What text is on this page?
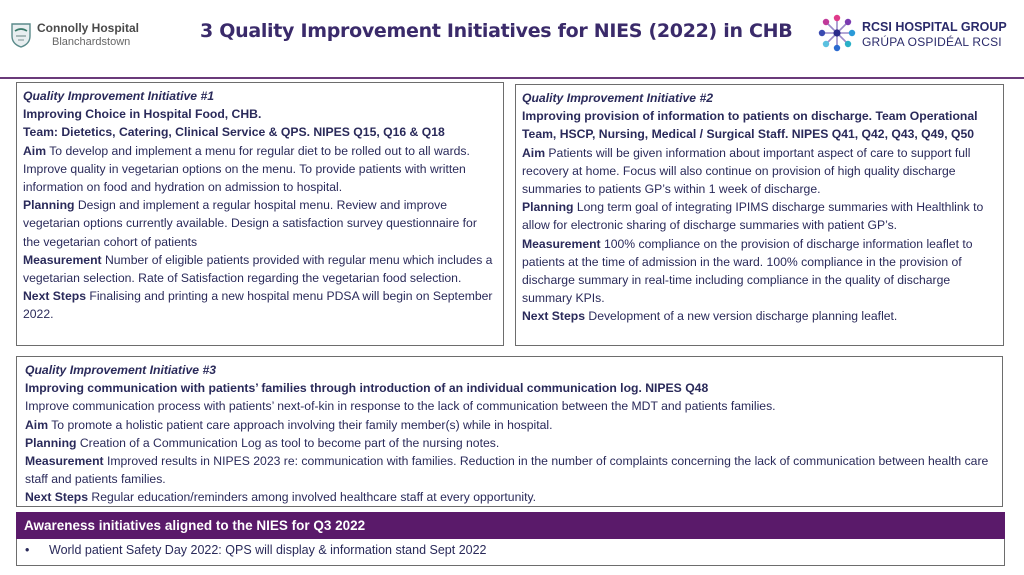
Connolly Hospital
Blanchardstown	3 Quality Improvement Initiatives for NIES (2022) in CHB	RCSI HOSPITAL GROUP
GRÚPA OSPIDÉAL RCSI

Quality Improvement Initiative #1

Improving Choice in Hospital Food, CHB.

Team: Dietetics, Catering, Clinical Service & QPS. NIPES Q15, Q16 & Q18

Aim To develop and implement a menu for regular diet to be rolled out to all wards. Improve quality in vegetarian options on the menu. To provide patients with written information on food and hydration on admission to hospital.

Planning Design and implement a regular hospital menu. Review and improve vegetarian options currently available. Design a satisfaction survey questionnaire for the vegetarian cohort of patients

Measurement Number of eligible patients provided with regular menu which includes a vegetarian selection. Rate of Satisfaction regarding the vegetarian food selection.

Next Steps Finalising and printing a new hospital menu PDSA will begin on September 2022.

Quality Improvement Initiative #2

Improving provision of information to patients on discharge. Team Operational Team, HSCP, Nursing, Medical / Surgical Staff. NIPES Q41, Q42, Q43, Q49, Q50

Aim Patients will be given information about important aspect of care to support full recovery at home. Focus will also continue on provision of high quality discharge summaries to patients GP’s within 1 week of discharge.

Planning Long term goal of integrating IPIMS discharge summaries with Healthlink to allow for electronic sharing of discharge summaries with patient GP’s.

Measurement 100% compliance on the provision of discharge information leaflet to patients at the time of admission in the ward. 100% compliance in the provision of discharge summary in real-time including compliance in the quality of discharge summary KPIs.

Next Steps Development of a new version discharge planning leaflet.

Quality Improvement Initiative #3

Improving communication with patients’ families through introduction of an individual communication log. NIPES Q48

Improve communication process with patients’ next-of-kin in response to the lack of communication between the MDT and patients families.

Aim To promote a holistic patient care approach involving their family member(s) while in hospital.

Planning Creation of a Communication Log as tool to become part of the nursing notes.

Measurement Improved results in NIPES 2023 re: communication with families. Reduction in the number of complaints concerning the lack of communication between health care staff and patients families.

Next Steps Regular education/reminders among involved healthcare staff at every opportunity.

Awareness initiatives aligned to the NIES for Q3 2022
• World patient Safety Day 2022: QPS will display & information stand Sept 2022
